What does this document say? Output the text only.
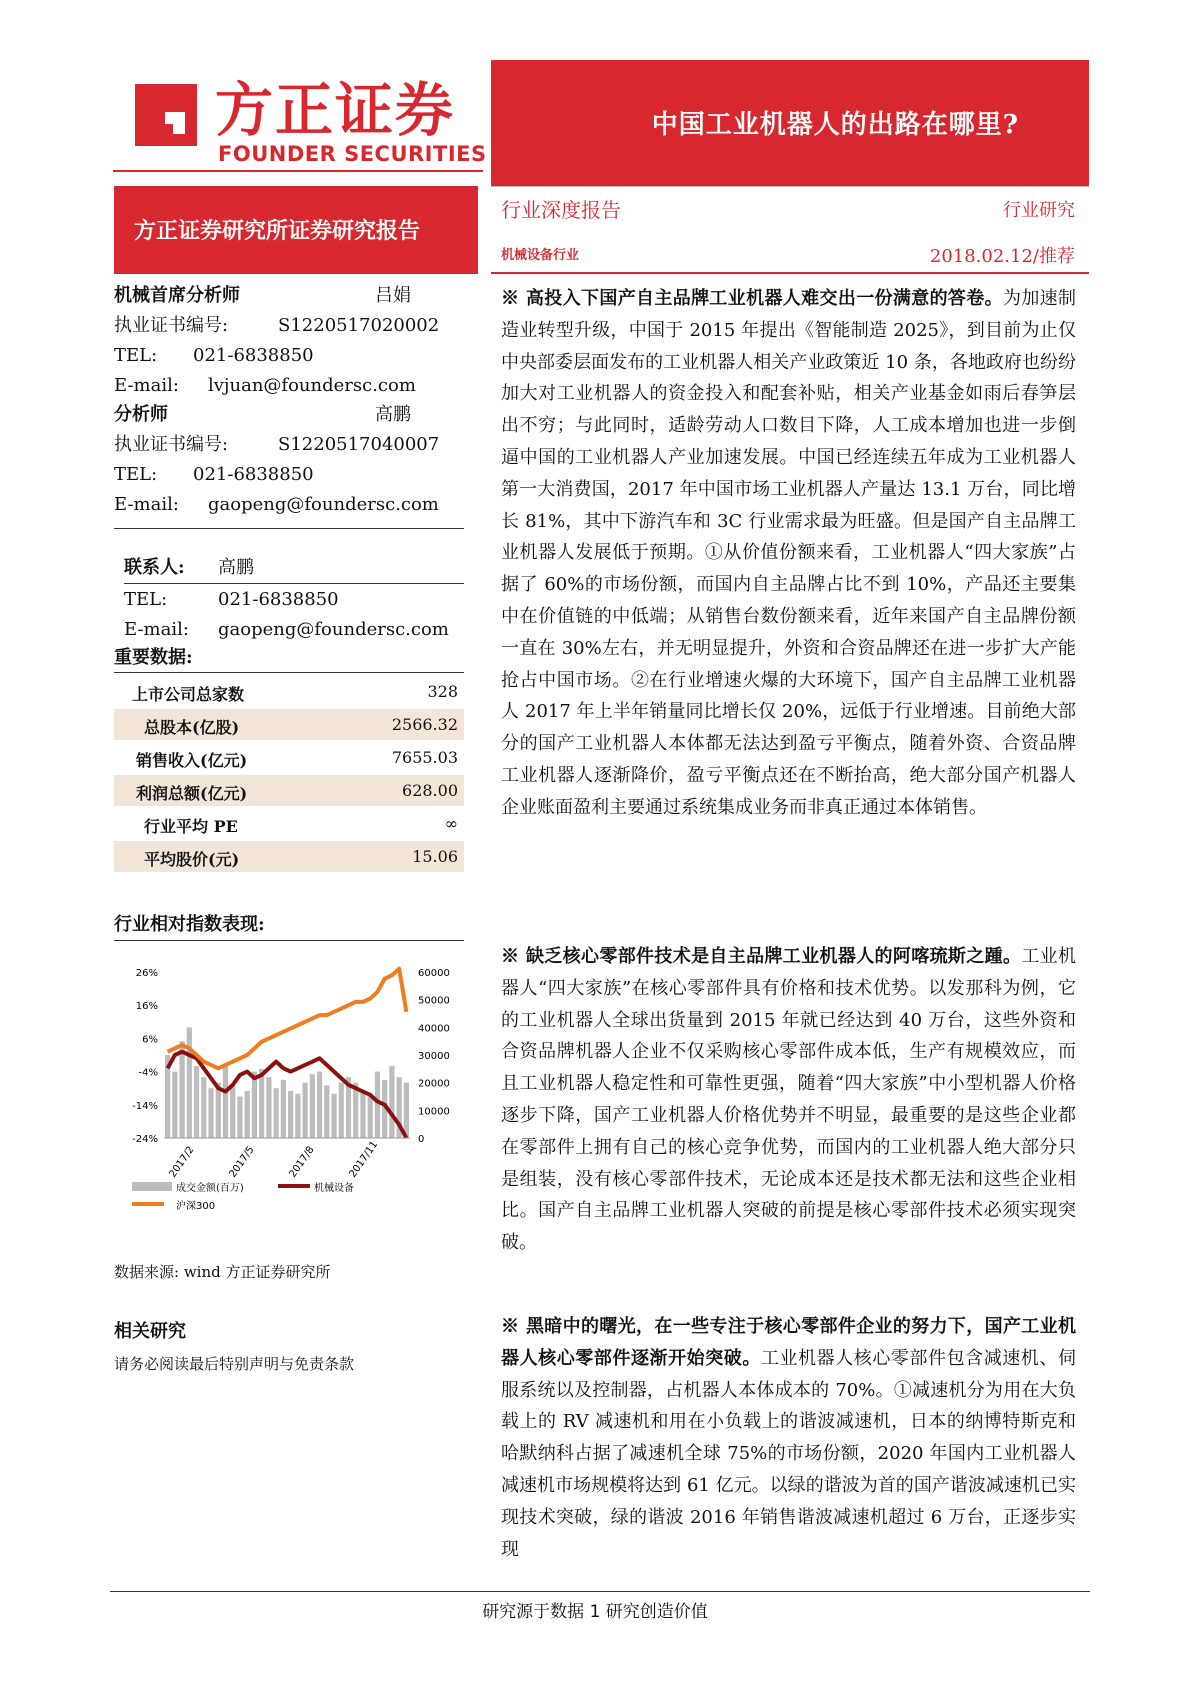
方正证券
FOUNDER SECURITIES
中国工业机器人的出路在哪里?
方正证券研究所证券研究报告
行业深度报告	行业研究
机械设备行业	2018.02.12/推荐
机械首席分析师	吕娟
执业证书编号:	S1220517020002
TEL: 021-6838850
E-mail: lvjuan@foundersc.com
分析师	高鹏
执业证书编号:	S1220517040007
TEL: 021-6838850
E-mail: gaopeng@foundersc.com
联系人: 高鹏
TEL:	021-6838850
E-mail: gaopeng@foundersc.com
重要数据:
上市公司总家数	328
总股本(亿股)	2566.32
销售收入(亿元)	7655.03
利润总额(亿元)	628.00
行业平均 PE	∞
平均股价(元)	15.06
行业相对指数表现:
26%
16%
6%
-4%
-14%
-24%
60000
50000
40000
30000
20000
10000
0
2017/2	2017/5	2017/8	2017/11
成交金额(百万)	机械设备
沪深300
数据来源: wind 方正证券研究所
相关研究
请务必阅读最后特别声明与免责条款
※ 高投入下国产自主品牌工业机器人难交出一份满意的答卷。为加速制造业转型升级，中国于 2015 年提出《智能制造 2025》，到目前为止仅中央部委层面发布的工业机器人相关产业政策近 10 条，各地政府也纷纷加大对工业机器人的资金投入和配套补贴，相关产业基金如雨后春笋层出不穷；与此同时，适龄劳动人口数目下降，人工成本增加也进一步倒逼中国的工业机器人产业加速发展。中国已经连续五年成为工业机器人第一大消费国，2017 年中国市场工业机器人产量达 13.1 万台，同比增长 81%，其中下游汽车和 3C 行业需求最为旺盛。但是国产自主品牌工业机器人发展低于预期。①从价值份额来看，工业机器人“四大家族”占据了 60%的市场份额，而国内自主品牌占比不到 10%，产品还主要集中在价值链的中低端；从销售台数份额来看，近年来国产自主品牌份额一直在 30%左右，并无明显提升，外资和合资品牌还在进一步扩大产能抢占中国市场。②在行业增速火爆的大环境下，国产自主品牌工业机器人 2017 年上半年销量同比增长仅 20%，远低于行业增速。目前绝大部分的国产工业机器人本体都无法达到盈亏平衡点，随着外资、合资品牌工业机器人逐渐降价，盈亏平衡点还在不断抬高，绝大部分国产机器人企业账面盈利主要通过系统集成业务而非真正通过本体销售。
※ 缺乏核心零部件技术是自主品牌工业机器人的阿喀琉斯之踵。工业机器人“四大家族”在核心零部件具有价格和技术优势。以发那科为例，它的工业机器人全球出货量到 2015 年就已经达到 40 万台，这些外资和合资品牌机器人企业不仅采购核心零部件成本低，生产有规模效应，而且工业机器人稳定性和可靠性更强，随着“四大家族”中小型机器人价格逐步下降，国产工业机器人价格优势并不明显，最重要的是这些企业都在零部件上拥有自己的核心竞争优势，而国内的工业机器人绝大部分只是组装，没有核心零部件技术，无论成本还是技术都无法和这些企业相比。国产自主品牌工业机器人突破的前提是核心零部件技术必须实现突破。
※ 黑暗中的曙光，在一些专注于核心零部件企业的努力下，国产工业机器人核心零部件逐渐开始突破。工业机器人核心零部件包含减速机、伺服系统以及控制器，占机器人本体成本的 70%。①减速机分为用在大负载上的 RV 减速机和用在小负载上的谐波减速机，日本的纳博特斯克和哈默纳科占据了减速机全球 75%的市场份额，2020 年国内工业机器人减速机市场规模将达到 61 亿元。以绿的谐波为首的国产谐波减速机已实现技术突破，绿的谐波 2016 年销售谐波减速机超过 6 万台，正逐步实现
研究源于数据 1 研究创造价值
